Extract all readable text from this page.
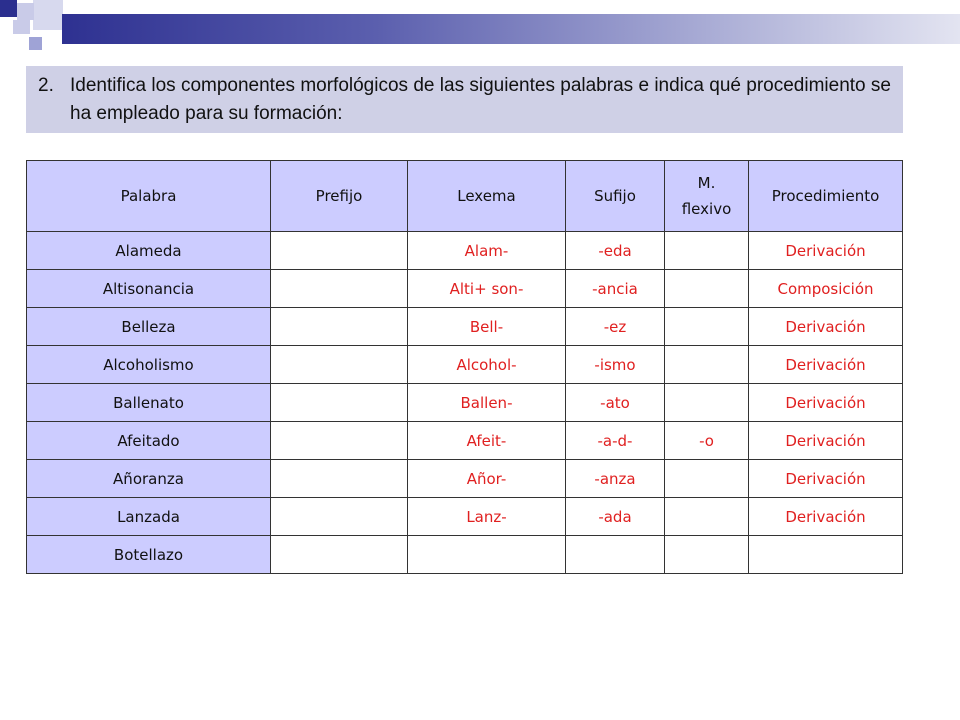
2. Identifica los componentes morfológicos de las siguientes palabras e indica qué procedimiento se ha empleado para su formación:
Palabra	Prefijo	Lexema	Sufijo	M. flexivo	Procedimiento
Alameda		Alam-	-eda		Derivación
Altisonancia		Alti+ son-	-ancia		Composición
Belleza		Bell-	-ez		Derivación
Alcoholismo		Alcohol-	-ismo		Derivación
Ballenato		Ballen-	-ato		Derivación
Afeitado		Afeit-	-a-d-	-o	Derivación
Añoranza		Añor-	-anza		Derivación
Lanzada		Lanz-	-ada		Derivación
Botellazo					
